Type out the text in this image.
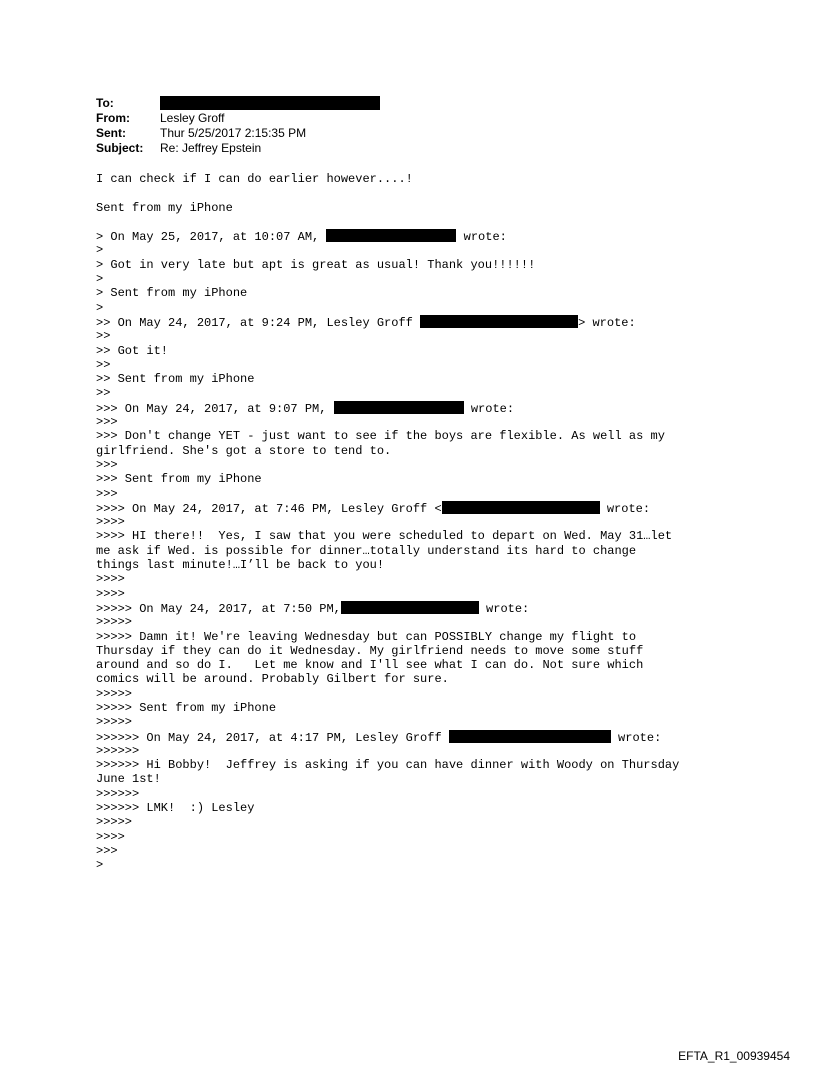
To:
From:	Lesley Groff
Sent:	Thur 5/25/2017 2:15:35 PM
Subject:	Re: Jeffrey Epstein
I can check if I can do earlier however....!
Sent from my iPhone
> On May 25, 2017, at 10:07 AM,	wrote:
>
> Got in very late but apt is great as usual! Thank you!!!!!!
>
> Sent from my iPhone
>
>> On May 24, 2017, at 9:24 PM, Lesley Groff	> wrote:
>>
>> Got it!
>>
>> Sent from my iPhone
>>
>>> On May 24, 2017, at 9:07 PM,	wrote:
>>>
>>> Don't change YET - just want to see if the boys are flexible. As well as my
girlfriend. She's got a store to tend to.
>>>
>>> Sent from my iPhone
>>>
>>>> On May 24, 2017, at 7:46 PM, Lesley Groff <	wrote:
>>>>
>>>> HI there!!  Yes, I saw that you were scheduled to depart on Wed. May 31…let
me ask if Wed. is possible for dinner…totally understand its hard to change
things last minute!…I’ll be back to you!
>>>>
>>>>
>>>>> On May 24, 2017, at 7:50 PM,	wrote:
>>>>>
>>>>> Damn it! We're leaving Wednesday but can POSSIBLY change my flight to
Thursday if they can do it Wednesday. My girlfriend needs to move some stuff
around and so do I.   Let me know and I'll see what I can do. Not sure which
comics will be around. Probably Gilbert for sure.
>>>>>
>>>>> Sent from my iPhone
>>>>>
>>>>>> On May 24, 2017, at 4:17 PM, Lesley Groff	wrote:
>>>>>>
>>>>>> Hi Bobby!  Jeffrey is asking if you can have dinner with Woody on Thursday
June 1st!
>>>>>>
>>>>>> LMK!  :) Lesley
>>>>>
>>>>
>>>
>
EFTA_R1_00939454
